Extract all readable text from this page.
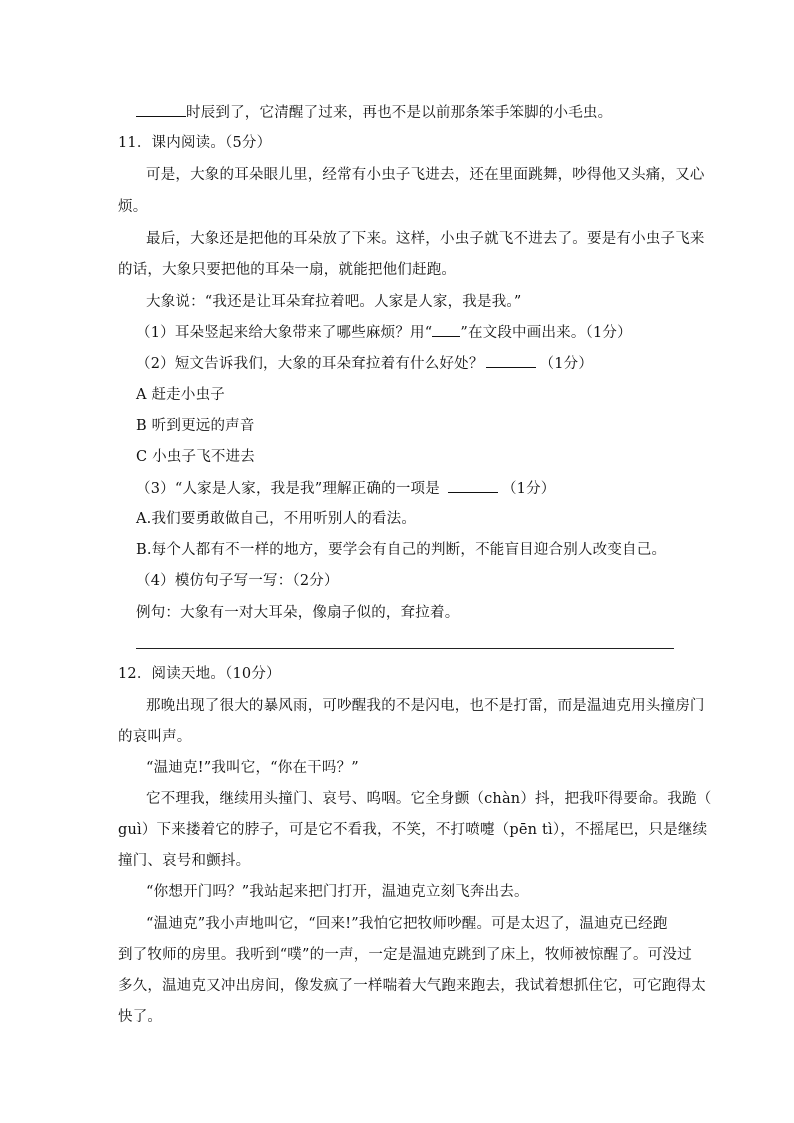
时辰到了，它清醒了过来，再也不是以前那条笨手笨脚的小毛虫。
11．课内阅读。（5分）
可是，大象的耳朵眼儿里，经常有小虫子飞进去，还在里面跳舞，吵得他又头痛，又心
烦。
最后，大象还是把他的耳朵放了下来。这样，小虫子就飞不进去了。要是有小虫子飞来
的话，大象只要把他的耳朵一扇，就能把他们赶跑。
大象说：“我还是让耳朵耷拉着吧。人家是人家，我是我。”
（1）耳朵竖起来给大象带来了哪些麻烦？用“ ”在文段中画出来。（1分）
（2）短文告诉我们，大象的耳朵耷拉着有什么好处？	（1分）
A 赶走小虫子
B 听到更远的声音
C 小虫子飞不进去
（3）“人家是人家，我是我”理解正确的一项是	（1分）
A.我们要勇敢做自己，不用听别人的看法。
B.每个人都有不一样的地方，要学会有自己的判断，不能盲目迎合别人改变自己。
（4）模仿句子写一写：（2分）
例句：大象有一对大耳朵，像扇子似的，耷拉着。
12．阅读天地。（10分）
那晚出现了很大的暴风雨，可吵醒我的不是闪电，也不是打雷，而是温迪克用头撞房门
的哀叫声。
“温迪克!”我叫它，“你在干吗？”
它不理我，继续用头撞门、哀号、呜咽。它全身颤（chàn）抖，把我吓得要命。我跪（
guì）下来搂着它的脖子，可是它不看我，不笑，不打喷嚏（pēn tì），不摇尾巴，只是继续
撞门、哀号和颤抖。
“你想开门吗？”我站起来把门打开，温迪克立刻飞奔出去。
“温迪克”我小声地叫它，“回来!”我怕它把牧师吵醒。可是太迟了，温迪克已经跑
到了牧师的房里。我听到“噗”的一声，一定是温迪克跳到了床上，牧师被惊醒了。可没过
多久，温迪克又冲出房间，像发疯了一样喘着大气跑来跑去，我试着想抓住它，可它跑得太
快了。
